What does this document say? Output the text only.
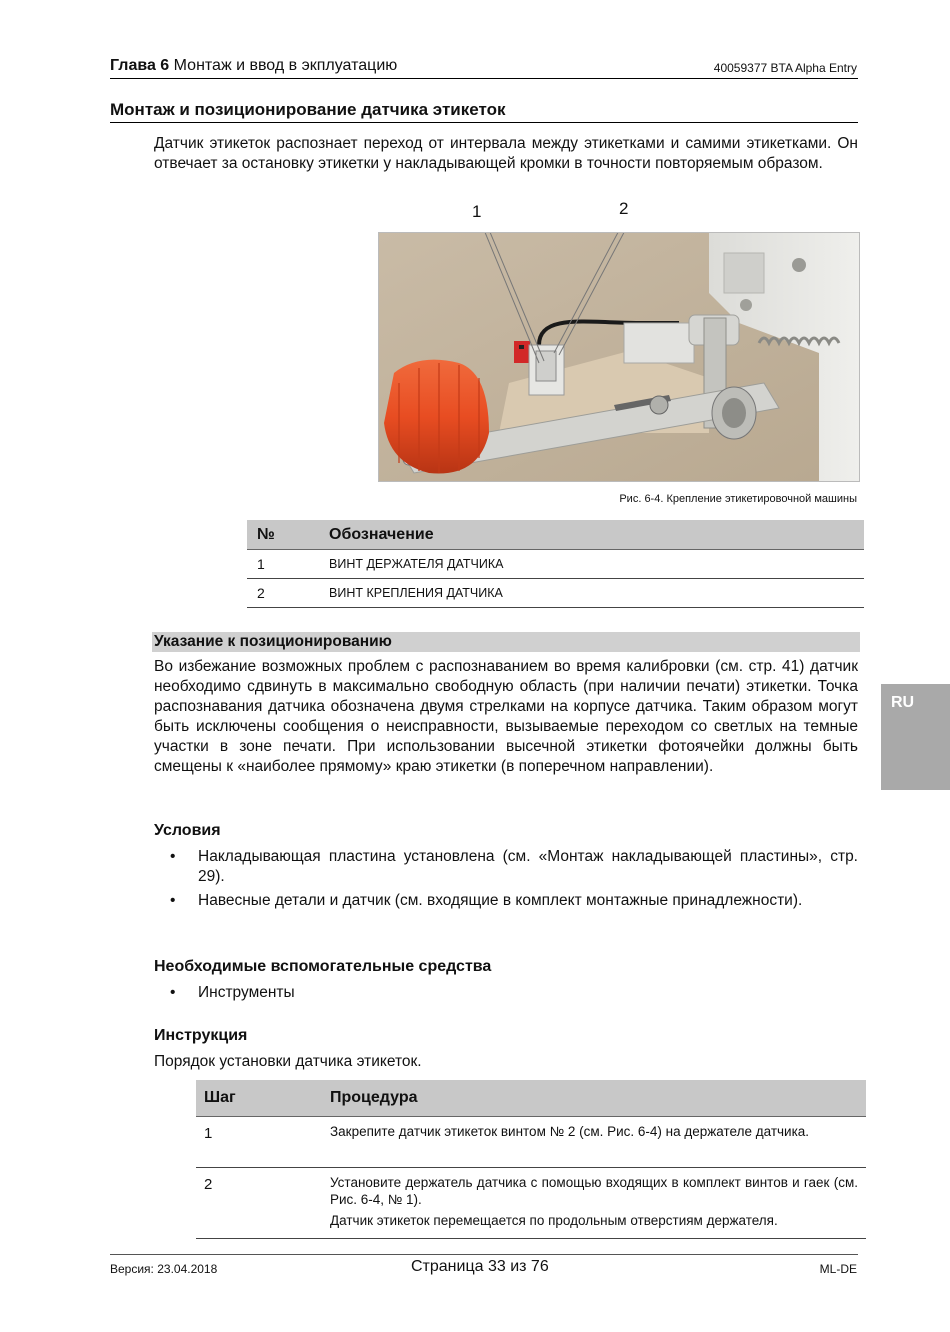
Глава 6 Монтаж и ввод в экплуатацию	40059377 BTA Alpha Entry
Монтаж и позиционирование датчика этикеток
Датчик этикеток распознает переход от интервала между этикетками и самими этикетками. Он отвечает за остановку этикетки у накладывающей кромки в точности повторяемым образом.
1	2
Рис. 6-4. Крепление этикетировочной машины
№	Обозначение
1	ВИНТ ДЕРЖАТЕЛЯ ДАТЧИКА
2	ВИНТ КРЕПЛЕНИЯ ДАТЧИКА
Указание к позиционированию
Во избежание возможных проблем с распознаванием во время калибровки (см. стр. 41) датчик необходимо сдвинуть в максимально свободную область (при наличии печати) этикетки. Точка распознавания датчика обозначена двумя стрелками на корпусе датчика. Таким образом могут быть исключены сообщения о неисправности, вызываемые переходом со светлых на темные участки в зоне печати. При использовании высечной этикетки фотоячейки должны быть смещены к «наиболее прямому» краю этикетки (в поперечном направлении).
RU
Условия
• Накладывающая пластина установлена (см. «Монтаж накладывающей пластины», стр. 29).
• Навесные детали и датчик (см. входящие в комплект монтажные принадлежности).
Необходимые вспомогательные средства
• Инструменты
Инструкция
Порядок установки датчика этикеток.
Шаг	Процедура
1	Закрепите датчик этикеток винтом № 2 (см. Рис. 6-4) на держателе датчика.
2	Установите держатель датчика с помощью входящих в комплект винтов и гаек (см. Рис. 6-4, № 1).
Датчик этикеток перемещается по продольным отверстиям держателя.
Версия: 23.04.2018	Страница 33 из 76	ML-DE
